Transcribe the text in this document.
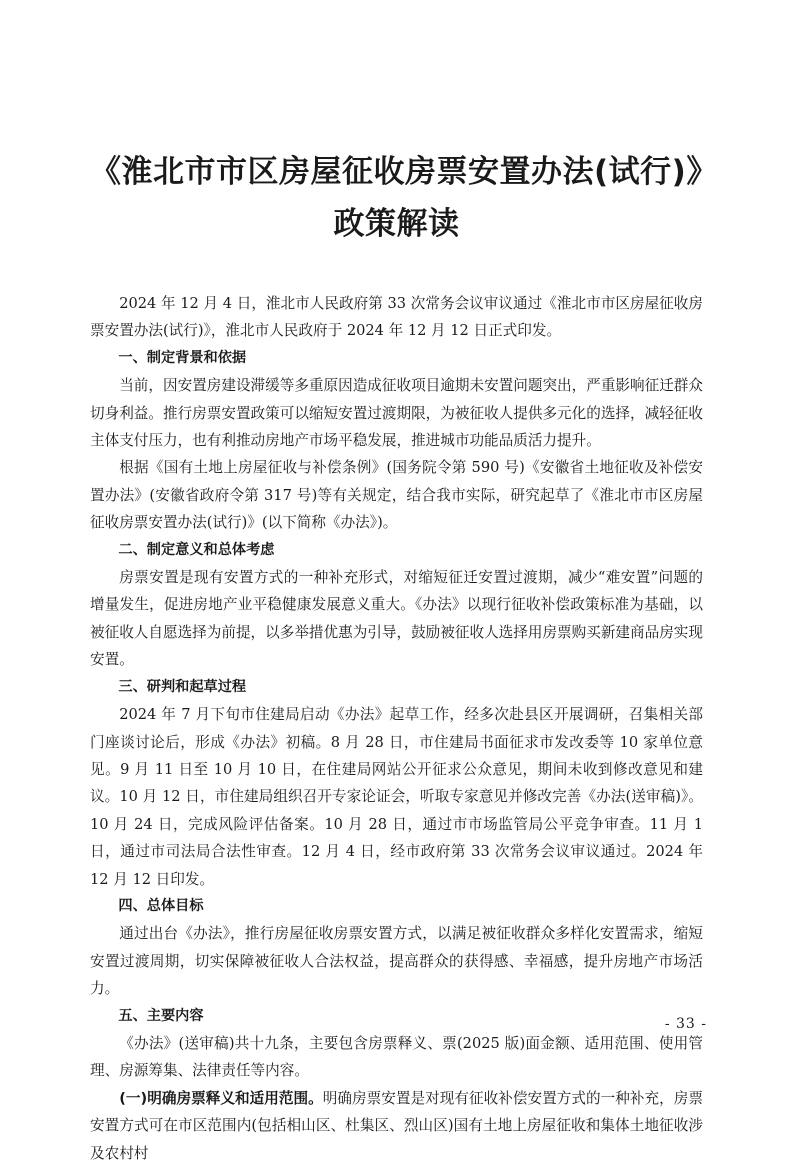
《淮北市市区房屋征收房票安置办法(试行)》
政策解读

2024 年 12 月 4 日，淮北市人民政府第 33 次常务会议审议通过《淮北市市区房屋征收房票安置办法(试行)》，淮北市人民政府于 2024 年 12 月 12 日正式印发。

一、制定背景和依据

当前，因安置房建设滞缓等多重原因造成征收项目逾期未安置问题突出，严重影响征迁群众切身利益。推行房票安置政策可以缩短安置过渡期限，为被征收人提供多元化的选择，减轻征收主体支付压力，也有利推动房地产市场平稳发展，推进城市功能品质活力提升。

根据《国有土地上房屋征收与补偿条例》(国务院令第 590 号)《安徽省土地征收及补偿安置办法》(安徽省政府令第 317 号)等有关规定，结合我市实际，研究起草了《淮北市市区房屋征收房票安置办法(试行)》(以下简称《办法》)。

二、制定意义和总体考虑

房票安置是现有安置方式的一种补充形式，对缩短征迁安置过渡期，减少“难安置”问题的增量发生，促进房地产业平稳健康发展意义重大。《办法》以现行征收补偿政策标准为基础，以被征收人自愿选择为前提，以多举措优惠为引导，鼓励被征收人选择用房票购买新建商品房实现安置。

三、研判和起草过程

2024 年 7 月下旬市住建局启动《办法》起草工作，经多次赴县区开展调研，召集相关部门座谈讨论后，形成《办法》初稿。8 月 28 日，市住建局书面征求市发改委等 10 家单位意见。9 月 11 日至 10 月 10 日，在住建局网站公开征求公众意见，期间未收到修改意见和建议。10 月 12 日，市住建局组织召开专家论证会，听取专家意见并修改完善《办法(送审稿)》。10 月 24 日，完成风险评估备案。10 月 28 日，通过市市场监管局公平竞争审查。11 月 1 日，通过市司法局合法性审查。12 月 4 日，经市政府第 33 次常务会议审议通过。2024 年 12 月 12 日印发。

四、总体目标

通过出台《办法》，推行房屋征收房票安置方式，以满足被征收群众多样化安置需求，缩短安置过渡周期，切实保障被征收人合法权益，提高群众的获得感、幸福感，提升房地产市场活力。

五、主要内容

《办法》(送审稿)共十九条，主要包含房票释义、票(2025 版)面金额、适用范围、使用管理、房源筹集、法律责任等内容。

(一)明确房票释义和适用范围。明确房票安置是对现有征收补偿安置方式的一种补充，房票安置方式可在市区范围内(包括相山区、杜集区、烈山区)国有土地上房屋征收和集体土地征收涉及农村村

- 33 -
